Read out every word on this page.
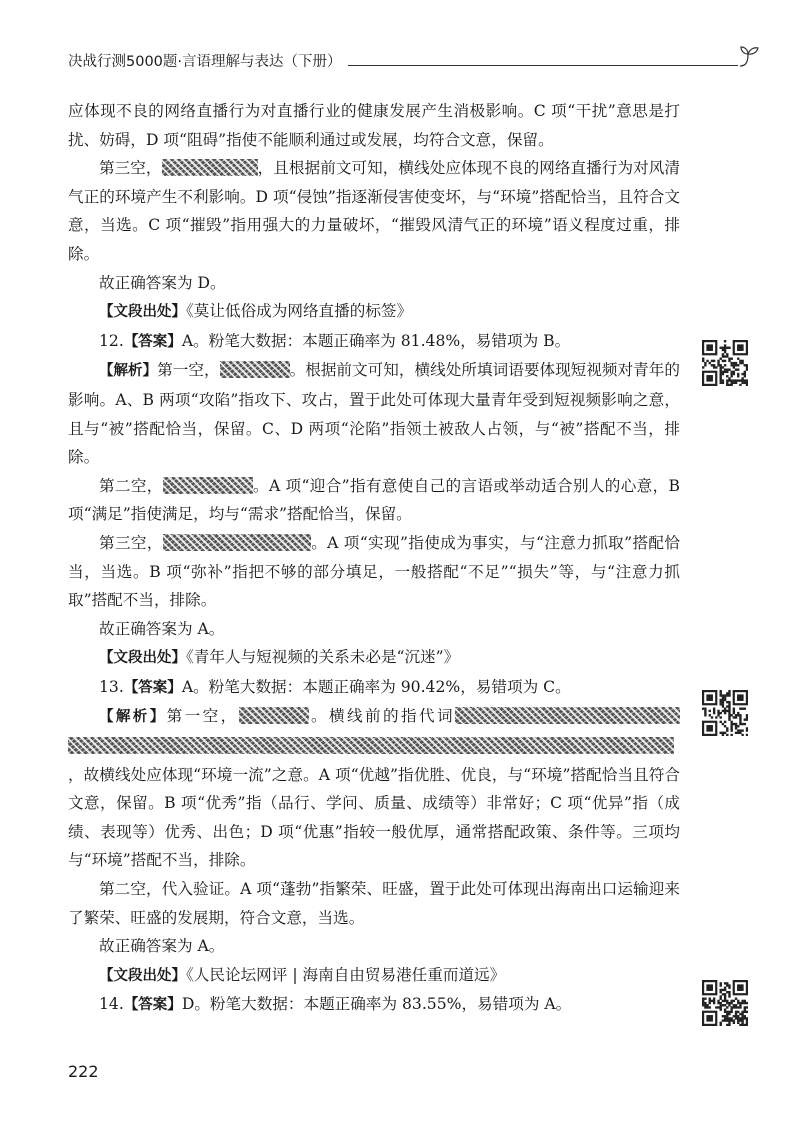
决战行测5000题·言语理解与表达（下册）

应体现不良的网络直播行为对直播行业的健康发展产生消极影响。C 项“干扰”意思是打扰、妨碍，D 项“阻碍”指使不能顺利通过或发展，均符合文意，保留。

第三空，	，且根据前文可知，横线处应体现不良的网络直播行为对风清气正的环境产生不利影响。D 项“侵蚀”指逐渐侵害使变坏，与“环境”搭配恰当，且符合文意，当选。C 项“摧毁”指用强大的力量破坏，“摧毁风清气正的环境”语义程度过重，排除。

故正确答案为 D。

【文段出处】《莫让低俗成为网络直播的标签》

12.【答案】A。粉笔大数据：本题正确率为 81.48%，易错项为 B。

【解析】第一空，	。根据前文可知，横线处所填词语要体现短视频对青年的影响。A、B 两项“攻陷”指攻下、攻占，置于此处可体现大量青年受到短视频影响之意，且与“被”搭配恰当，保留。C、D 两项“沦陷”指领土被敌人占领，与“被”搭配不当，排除。

第二空，	。A 项“迎合”指有意使自己的言语或举动适合别人的心意，B 项“满足”指使满足，均与“需求”搭配恰当，保留。

第三空，	。A 项“实现”指使成为事实，与“注意力抓取”搭配恰当，当选。B 项“弥补”指把不够的部分填足，一般搭配“不足”“损失”等，与“注意力抓取”搭配不当，排除。

故正确答案为 A。

【文段出处】《青年人与短视频的关系未必是“沉迷”》

13.【答案】A。粉笔大数据：本题正确率为 90.42%，易错项为 C。

【解析】第一空，	。横线前的指代词，故横线处应体现“环境一流”之意。A 项“优越”指优胜、优良，与“环境”搭配恰当且符合文意，保留。B 项“优秀”指（品行、学问、质量、成绩等）非常好；C 项“优异”指（成绩、表现等）优秀、出色；D 项“优惠”指较一般优厚，通常搭配政策、条件等。三项均与“环境”搭配不当，排除。

第二空，代入验证。A 项“蓬勃”指繁荣、旺盛，置于此处可体现出海南出口运输迎来了繁荣、旺盛的发展期，符合文意，当选。

故正确答案为 A。

【文段出处】《人民论坛网评 | 海南自由贸易港任重而道远》

14.【答案】D。粉笔大数据：本题正确率为 83.55%，易错项为 A。

222
